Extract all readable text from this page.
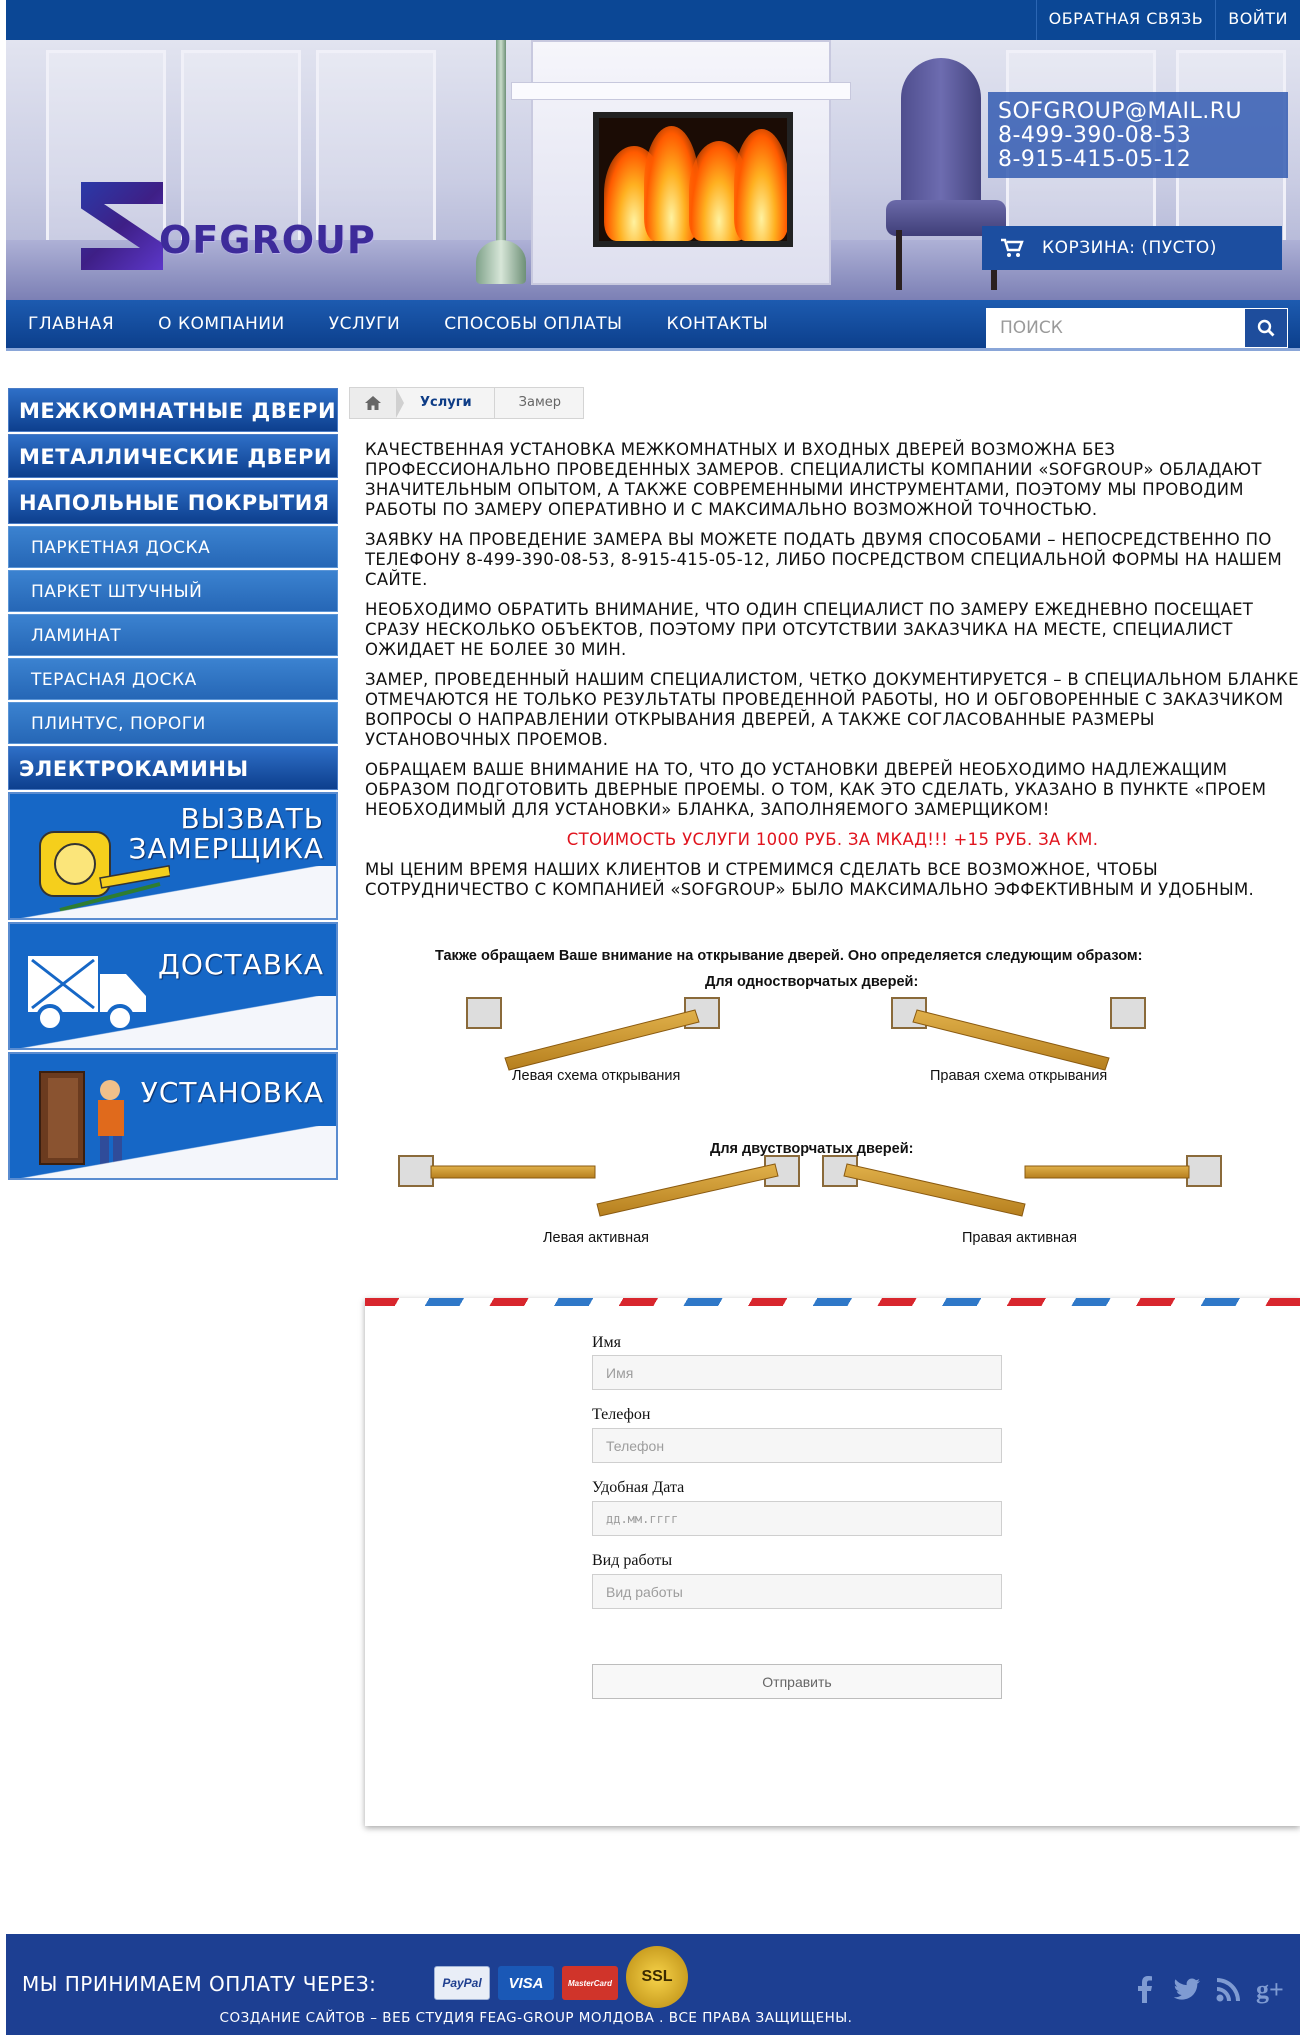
ОБРАТНАЯ СВЯЗЬ	ВОЙТИ
OFGROUP
SOFGROUP@MAIL.RU
8-499-390-08-53
8-915-415-05-12
КОРЗИНА: (ПУСТО)
ГЛАВНАЯ	О КОМПАНИИ	УСЛУГИ	СПОСОБЫ ОПЛАТЫ	КОНТАКТЫ
Поиск
МЕЖКОМНАТНЫЕ ДВЕРИ
МЕТАЛЛИЧЕСКИЕ ДВЕРИ
НАПОЛЬНЫЕ ПОКРЫТИЯ
ПАРКЕТНАЯ ДОСКА
ПАРКЕТ ШТУЧНЫЙ
ЛАМИНАТ
ТЕРАСНАЯ ДОСКА
ПЛИНТУС, ПОРОГИ
ЭЛЕКТРОКАМИНЫ
ВЫЗВАТЬ
ЗАМЕРЩИКА
ДОСТАВКА
УСТАНОВКА
Услуги	Замер

КАЧЕСТВЕННАЯ УСТАНОВКА МЕЖКОМНАТНЫХ И ВХОДНЫХ ДВЕРЕЙ ВОЗМОЖНА БЕЗ ПРОФЕССИОНАЛЬНО ПРОВЕДЕННЫХ ЗАМЕРОВ. СПЕЦИАЛИСТЫ КОМПАНИИ «SOFGROUP» ОБЛАДАЮТ ЗНАЧИТЕЛЬНЫМ ОПЫТОМ, А ТАКЖЕ СОВРЕМЕННЫМИ ИНСТРУМЕНТАМИ, ПОЭТОМУ МЫ ПРОВОДИМ РАБОТЫ ПО ЗАМЕРУ ОПЕРАТИВНО И С МАКСИМАЛЬНО ВОЗМОЖНОЙ ТОЧНОСТЬЮ.

ЗАЯВКУ НА ПРОВЕДЕНИЕ ЗАМЕРА ВЫ МОЖЕТЕ ПОДАТЬ ДВУМЯ СПОСОБАМИ – НЕПОСРЕДСТВЕННО ПО ТЕЛЕФОНУ 8-499-390-08-53, 8-915-415-05-12, ЛИБО ПОСРЕДСТВОМ СПЕЦИАЛЬНОЙ ФОРМЫ НА НАШЕМ САЙТЕ.

НЕОБХОДИМО ОБРАТИТЬ ВНИМАНИЕ, ЧТО ОДИН СПЕЦИАЛИСТ ПО ЗАМЕРУ ЕЖЕДНЕВНО ПОСЕЩАЕТ СРАЗУ НЕСКОЛЬКО ОБЪЕКТОВ, ПОЭТОМУ ПРИ ОТСУТСТВИИ ЗАКАЗЧИКА НА МЕСТЕ, СПЕЦИАЛИСТ ОЖИДАЕТ НЕ БОЛЕЕ 30 МИН.

ЗАМЕР, ПРОВЕДЕННЫЙ НАШИМ СПЕЦИАЛИСТОМ, ЧЕТКО ДОКУМЕНТИРУЕТСЯ – В СПЕЦИАЛЬНОМ БЛАНКЕ ОТМЕЧАЮТСЯ НЕ ТОЛЬКО РЕЗУЛЬТАТЫ ПРОВЕДЕННОЙ РАБОТЫ, НО И ОБГОВОРЕННЫЕ С ЗАКАЗЧИКОМ ВОПРОСЫ О НАПРАВЛЕНИИ ОТКРЫВАНИЯ ДВЕРЕЙ, А ТАКЖЕ СОГЛАСОВАННЫЕ РАЗМЕРЫ УСТАНОВОЧНЫХ ПРОЕМОВ.

ОБРАЩАЕМ ВАШЕ ВНИМАНИЕ НА ТО, ЧТО ДО УСТАНОВКИ ДВЕРЕЙ НЕОБХОДИМО НАДЛЕЖАЩИМ ОБРАЗОМ ПОДГОТОВИТЬ ДВЕРНЫЕ ПРОЕМЫ. О ТОМ, КАК ЭТО СДЕЛАТЬ, УКАЗАНО В ПУНКТЕ «ПРОЕМ НЕОБХОДИМЫЙ ДЛЯ УСТАНОВКИ» БЛАНКА, ЗАПОЛНЯЕМОГО ЗАМЕРЩИКОМ!

СТОИМОСТЬ УСЛУГИ 1000 РУБ. ЗА МКАД!!! +15 РУБ. ЗА КМ.

МЫ ЦЕНИМ ВРЕМЯ НАШИХ КЛИЕНТОВ И СТРЕМИМСЯ СДЕЛАТЬ ВСЕ ВОЗМОЖНОЕ, ЧТОБЫ СОТРУДНИЧЕСТВО С КОМПАНИЕЙ «SOFGROUP» БЫЛО МАКСИМАЛЬНО ЭФФЕКТИВНЫМ И УДОБНЫМ.

Также обращаем Ваше внимание на открывание дверей. Оно определяется следующим образом:
Для одностворчатых дверей:
Левая схема открывания	Правая схема открывания
Для двустворчатых дверей:
Левая активная	Правая активная
Имя
Имя
Телефон
Телефон
Удобная Дата
дд.мм.гггг
Вид работы
Вид работы
Отправить
МЫ ПРИНИМАЕМ ОПЛАТУ ЧЕРЕЗ:	PayPal	VISA	MasterCard	SSL	g+
СОЗДАНИЕ САЙТОВ – ВЕБ СТУДИЯ FEAG-GROUP МОЛДОВА . ВСЕ ПРАВА ЗАЩИЩЕНЫ.
